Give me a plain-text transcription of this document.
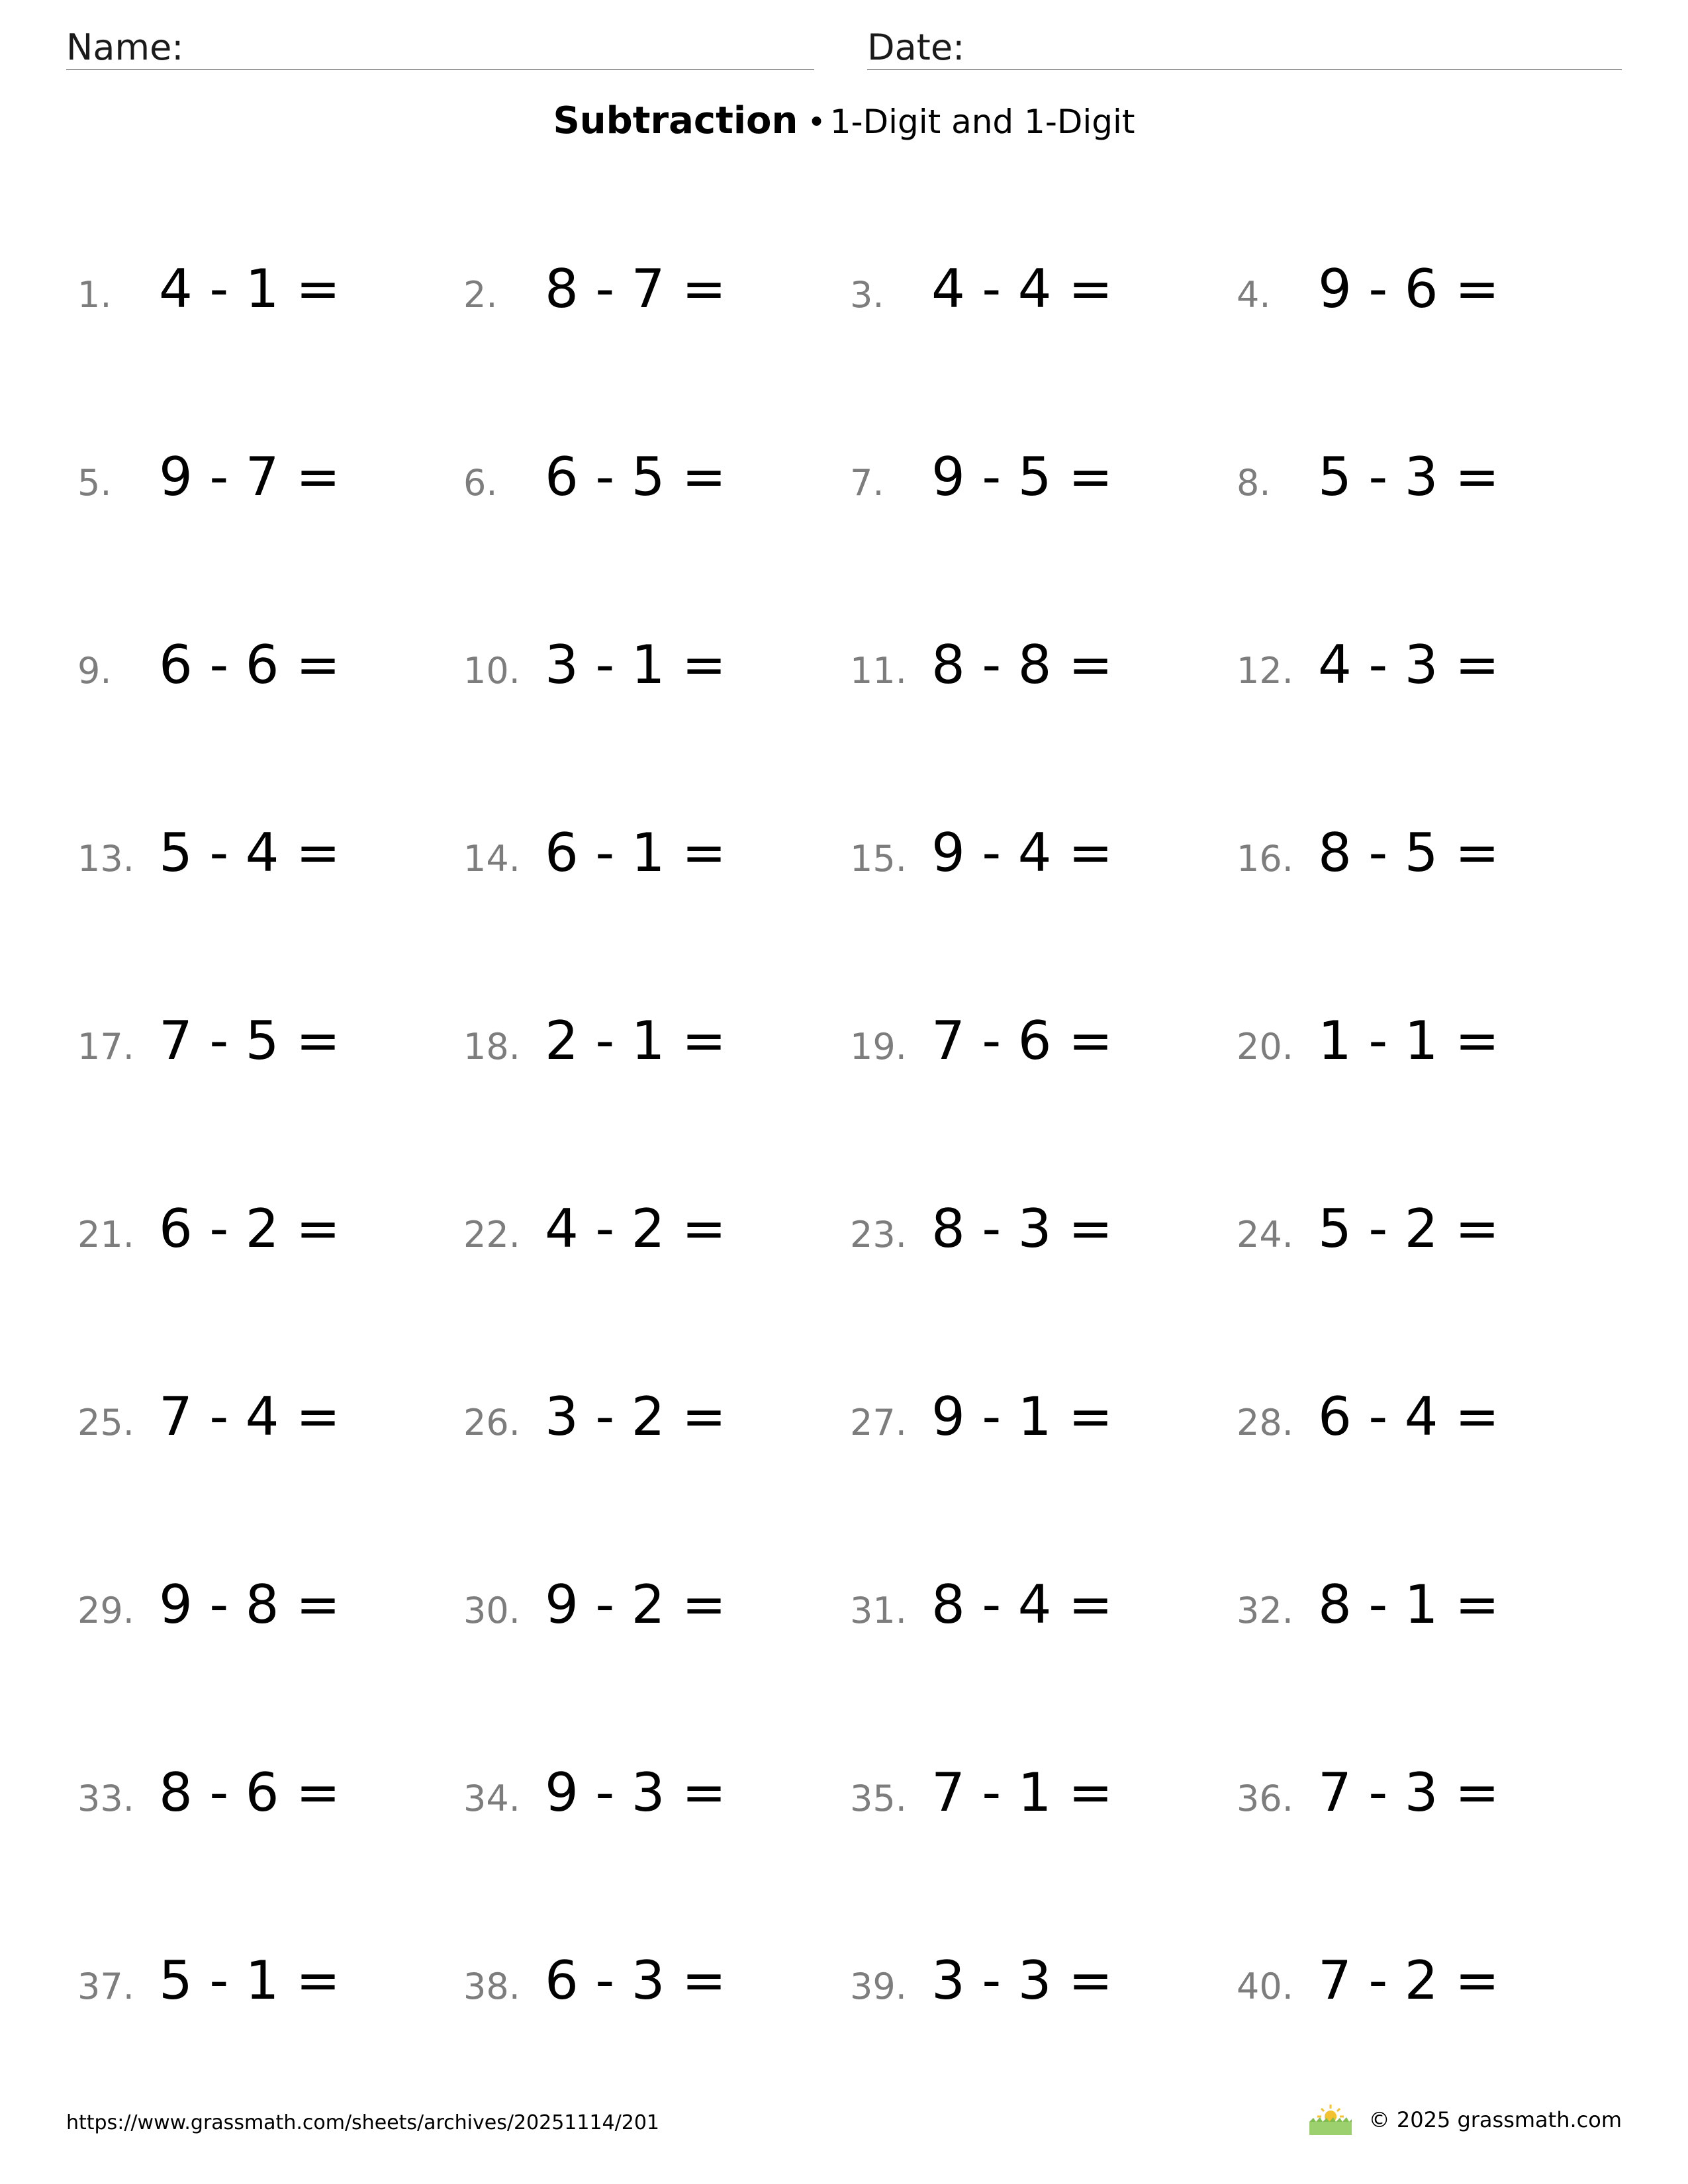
Name:	Date:
Subtraction • 1-Digit and 1-Digit
1. 4 - 1 =	2. 8 - 7 =	3. 4 - 4 =	4. 9 - 6 =
5. 9 - 7 =	6. 6 - 5 =	7. 9 - 5 =	8. 5 - 3 =
9. 6 - 6 =	10. 3 - 1 =	11. 8 - 8 =	12. 4 - 3 =
13. 5 - 4 =	14. 6 - 1 =	15. 9 - 4 =	16. 8 - 5 =
17. 7 - 5 =	18. 2 - 1 =	19. 7 - 6 =	20. 1 - 1 =
21. 6 - 2 =	22. 4 - 2 =	23. 8 - 3 =	24. 5 - 2 =
25. 7 - 4 =	26. 3 - 2 =	27. 9 - 1 =	28. 6 - 4 =
29. 9 - 8 =	30. 9 - 2 =	31. 8 - 4 =	32. 8 - 1 =
33. 8 - 6 =	34. 9 - 3 =	35. 7 - 1 =	36. 7 - 3 =
37. 5 - 1 =	38. 6 - 3 =	39. 3 - 3 =	40. 7 - 2 =
https://www.grassmath.com/sheets/archives/20251114/201	© 2025 grassmath.com
